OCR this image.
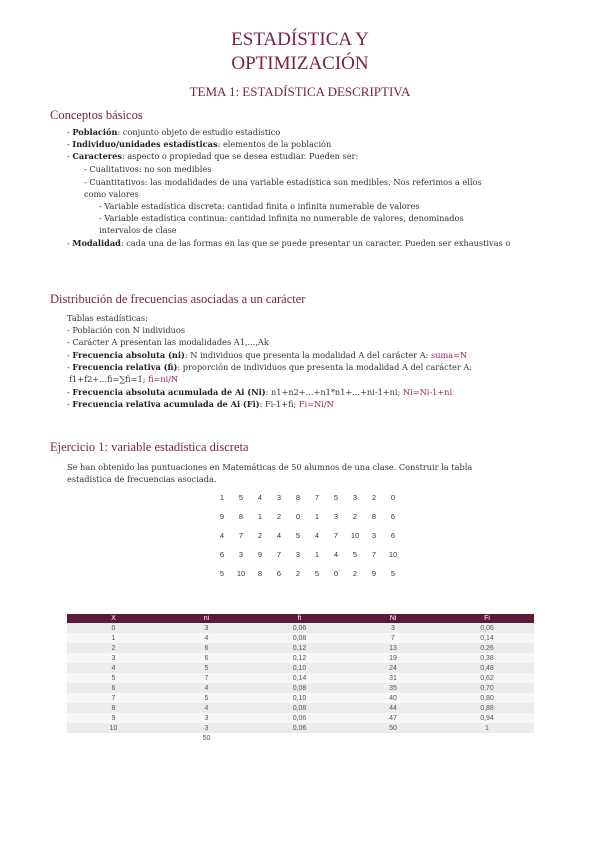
ESTADÍSTICA Y
OPTIMIZACIÓN
TEMA 1: ESTADÍSTICA DESCRIPTIVA
Conceptos básicos
- Población: conjunto objeto de estudio estadístico
- Individuo/unidades estadísticas: elementos de la población
- Caracteres: aspecto o propiedad que se desea estudiar. Pueden ser:
- Cualitativos: no son medibles
- Cuantitativos: las modalidades de una variable estadística son medibles. Nos referimos a ellos
como valores
- Variable estadística discreta: cantidad finita o infinita numerable de valores
- Variable estadística continua: cantidad infinita no numerable de valores, denominados
intervalos de clase
- Modalidad: cada una de las formas en las que se puede presentar un caracter. Pueden ser exhaustivas o
Distribución de frecuencias asociadas a un carácter
Tablas estadísticas:
- Población con N individuos
- Carácter A presentan las modalidades A1,...,Ak
- Frecuencia absoluta (ni): N individuos que presenta la modalidad A del carácter A: suma=N
- Frecuencia relativa (fi): proporción de individuos que presenta la modalidad A del carácter A:
f1+f2+...fi=∑fi=1; fi=ni/N
- Frecuencia absoluta acumulada de Ai (Ni): n1+n2+...+n1*n1+...+ni-1+ni; Ni=Ni-1+ni
- Frecuencia relativa acumulada de Ai (Fi): Fi-1+fi; Fi=Ni/N
Ejercicio 1: variable estadística discreta
Se han obtenido las puntuaciones en Matemáticas de 50 alumnos de una clase. Construir la tabla
estadística de frecuencias asociada.
1	5	4	3	8	7	5	3	2	0
9	8	1	2	0	1	3	2	8	6
4	7	2	4	5	4	7	10	3	6
6	3	9	7	3	1	4	5	7	10
5	10	8	6	2	5	0	2	9	5
X	ni	fi	Ni	Fi
0	3	0,06	3	0,06
1	4	0,08	7	0,14
2	6	0,12	13	0,26
3	6	0,12	19	0,38
4	5	0,10	24	0,48
5	7	0,14	31	0,62
6	4	0,08	35	0,70
7	5	0,10	40	0,80
8	4	0,08	44	0,88
9	3	0,06	47	0,94
10	3	0,06	50	1
	50			
